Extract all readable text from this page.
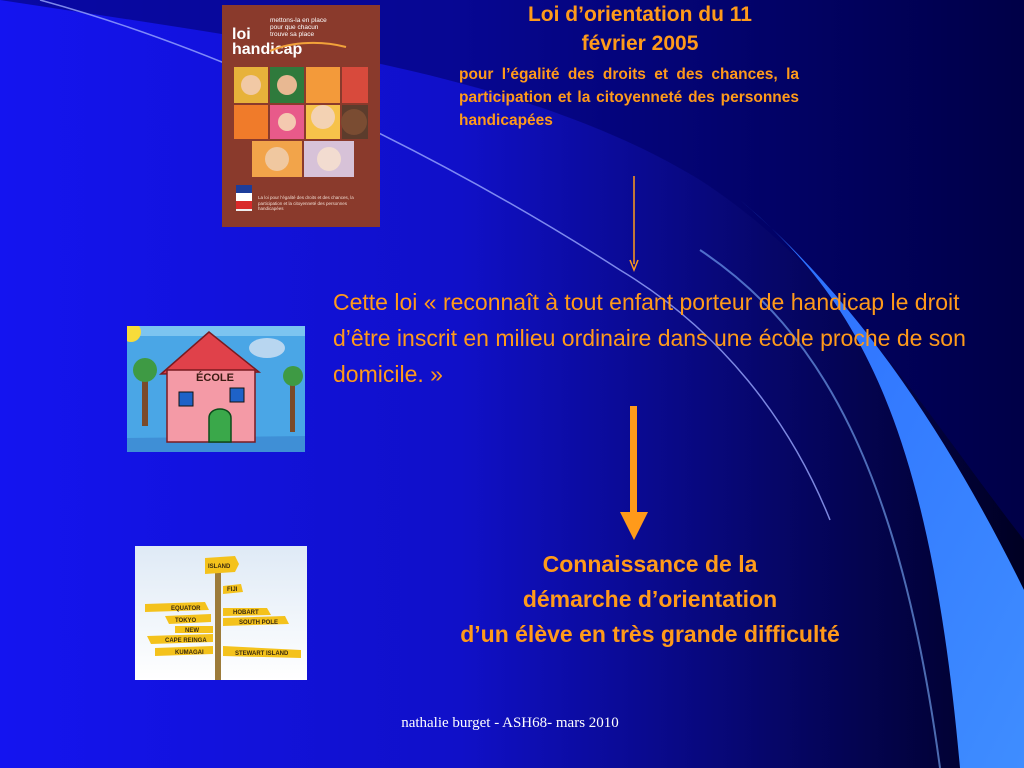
loi
handicap
mettons-la en place
pour que chacun
trouve sa place
La loi pour l’égalité des droits et des chances, la participation et la citoyenneté des personnes handicapées
Loi d’orientation du 11
février 2005
pour l’égalité des droits et des chances, la participation et la citoyenneté des personnes handicapées
ÉCOLE
Cette loi « reconnaît à tout enfant porteur de handicap le droit d’être inscrit en milieu ordinaire dans une école proche de son domicile. »
ISLAND
EQUATOR
TOKYO
NEW
CAPE REINGA
KUMAGAI
SOUTH POLE
HOBART
STEWART ISLAND
FIJI
Connaissance de la
démarche d’orientation
d’un élève en très grande difficulté
nathalie burget - ASH68- mars 2010
